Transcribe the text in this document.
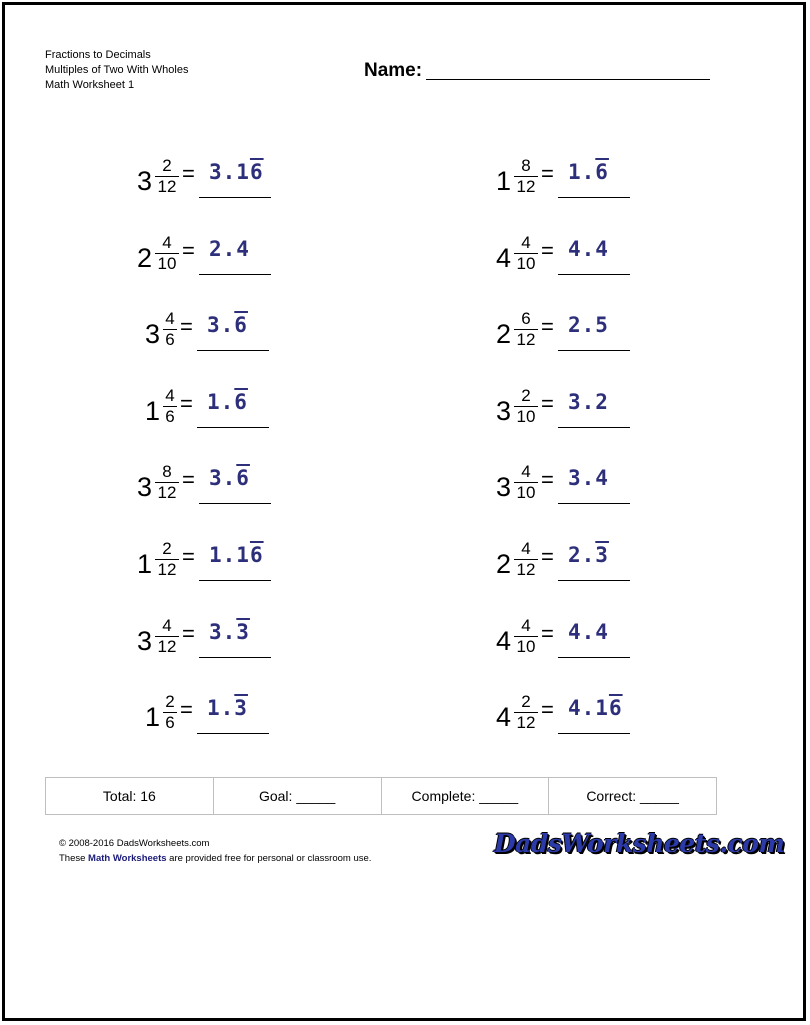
Fractions to Decimals
Multiples of Two With Wholes
Math Worksheet 1
Name:
3
2
12
= 3.16
2
4
10
= 2.4
3
4
6
= 3.6
1
4
6
= 1.6
3
8
12
= 3.6
1
2
12
= 1.16
3
4
12
= 3.3
1
2
6
= 1.3
1
8
12
= 1.6
4
4
10
= 4.4
2
6
12
= 2.5
3
2
10
= 3.2
3
4
10
= 3.4
2
4
12
= 2.3
4
4
10
= 4.4
4
2
12
= 4.16
Total: 16	Goal: _____	Complete: _____	Correct: _____
© 2008-2016 DadsWorksheets.com
These Math Worksheets are provided free for personal or classroom use.
DadsWorksheets.com
